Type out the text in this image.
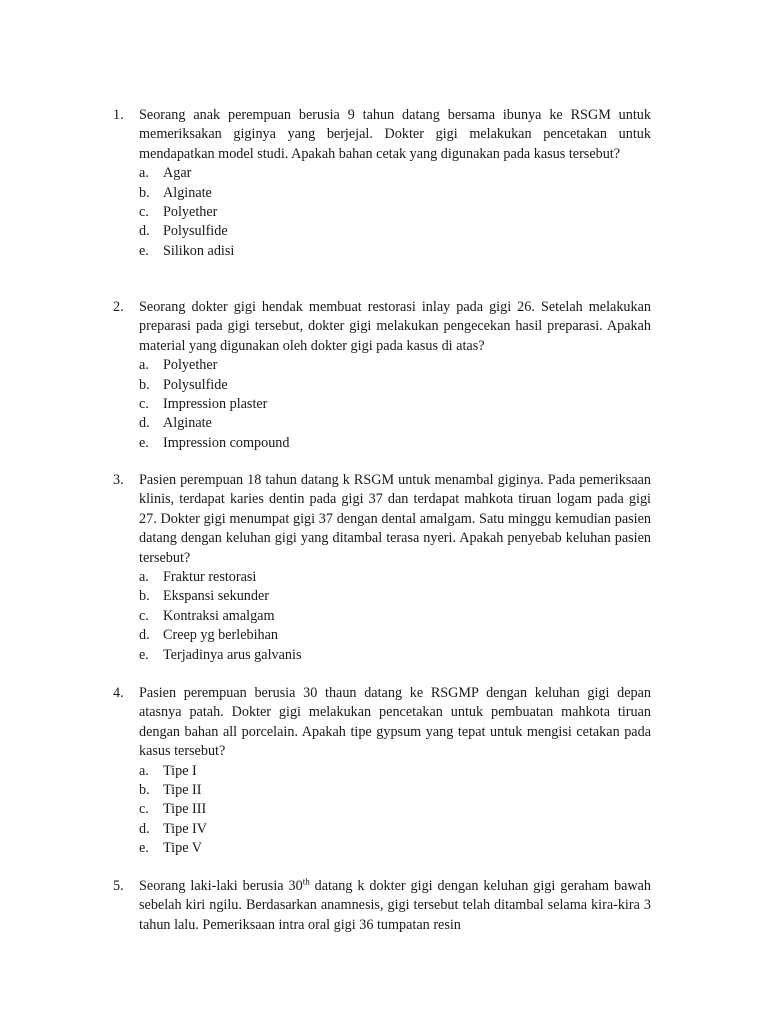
1.	Seorang anak perempuan berusia 9 tahun datang bersama ibunya ke RSGM untuk memeriksakan giginya yang berjejal. Dokter gigi melakukan pencetakan untuk mendapatkan model studi. Apakah bahan cetak yang digunakan pada kasus tersebut?
a. Agar
b. Alginate
c. Polyether
d. Polysulfide
e. Silikon adisi
2.	Seorang dokter gigi hendak membuat restorasi inlay pada gigi 26. Setelah melakukan preparasi pada gigi tersebut, dokter gigi melakukan pengecekan hasil preparasi. Apakah material yang digunakan oleh dokter gigi pada kasus di atas?
a. Polyether
b. Polysulfide
c. Impression plaster
d. Alginate
e. Impression compound
3.	Pasien perempuan 18 tahun datang k RSGM untuk menambal giginya. Pada pemeriksaan klinis, terdapat karies dentin pada gigi 37 dan terdapat mahkota tiruan logam pada gigi 27. Dokter gigi menumpat gigi 37 dengan dental amalgam. Satu minggu kemudian pasien datang dengan keluhan gigi yang ditambal terasa nyeri. Apakah penyebab keluhan pasien tersebut?
a. Fraktur restorasi
b. Ekspansi sekunder
c. Kontraksi amalgam
d. Creep yg berlebihan
e. Terjadinya arus galvanis
4.	Pasien perempuan berusia 30 thaun datang ke RSGMP dengan keluhan gigi depan atasnya patah. Dokter gigi melakukan pencetakan untuk pembuatan mahkota tiruan dengan bahan all porcelain. Apakah tipe gypsum yang tepat untuk mengisi cetakan pada kasus tersebut?
a. Tipe I
b. Tipe II
c. Tipe III
d. Tipe IV
e. Tipe V
5.	Seorang laki-laki berusia 30th datang k dokter gigi dengan keluhan gigi geraham bawah sebelah kiri ngilu. Berdasarkan anamnesis, gigi tersebut telah ditambal selama kira-kira 3 tahun lalu. Pemeriksaan intra oral gigi 36 tumpatan resin
